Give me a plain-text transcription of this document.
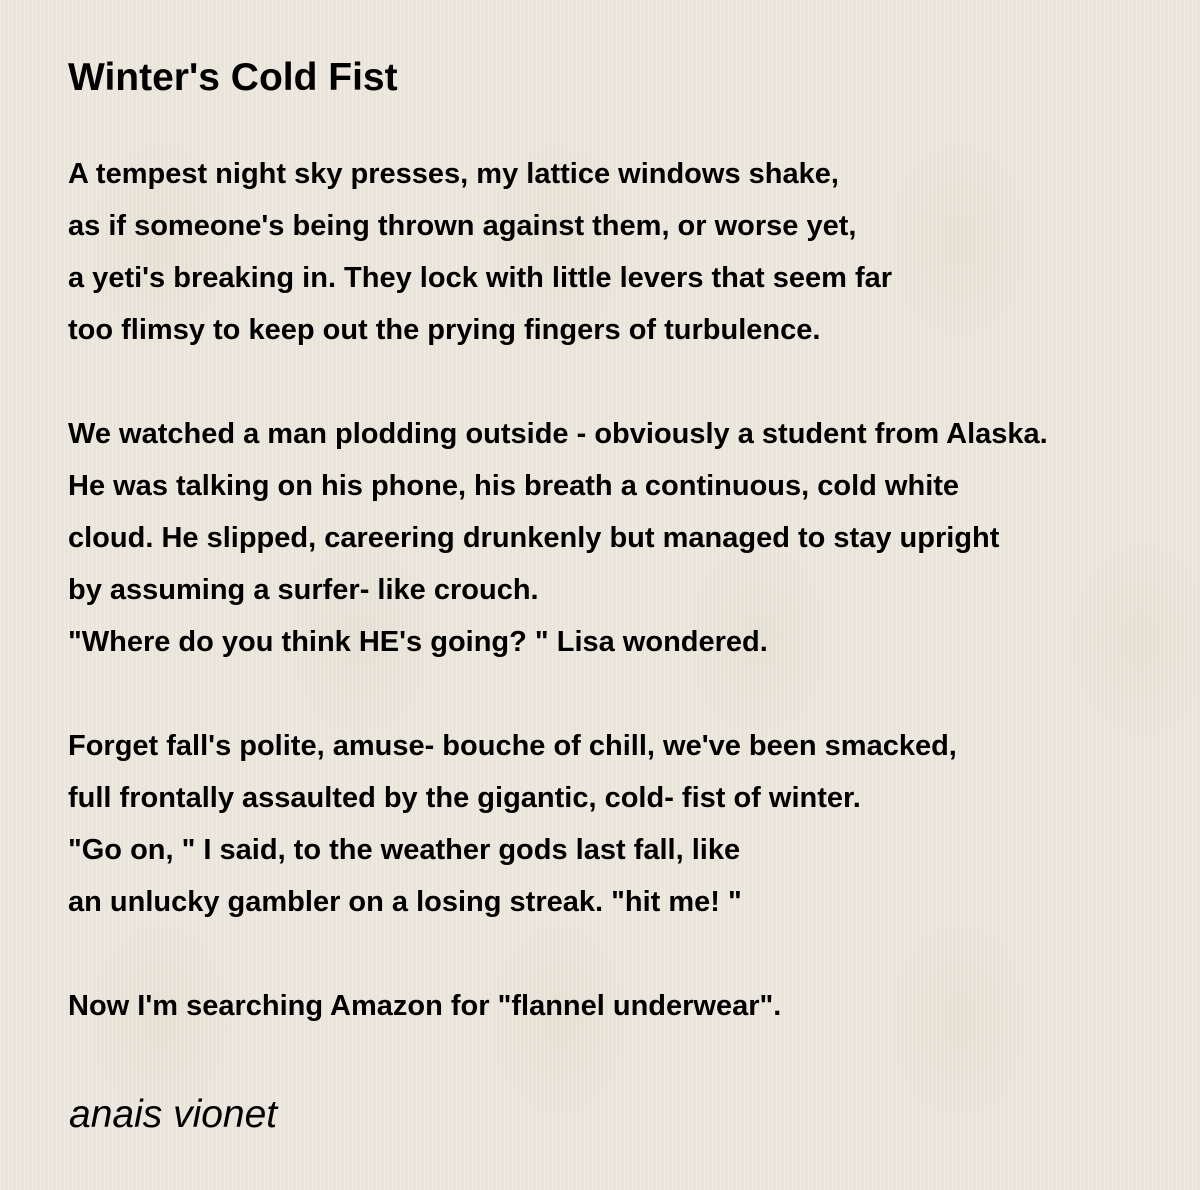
Winter's Cold Fist
A tempest night sky presses, my lattice windows shake,
as if someone's being thrown against them, or worse yet,
a yeti's breaking in. They lock with little levers that seem far
too flimsy to keep out the prying fingers of turbulence.
We watched a man plodding outside - obviously a student from Alaska.
He was talking on his phone, his breath a continuous, cold white
cloud. He slipped, careering drunkenly but managed to stay upright
by assuming a surfer- like crouch.
"Where do you think HE's going? " Lisa wondered.
Forget fall's polite, amuse- bouche of chill, we've been smacked,
full frontally assaulted by the gigantic, cold- fist of winter.
"Go on, " I said, to the weather gods last fall, like
an unlucky gambler on a losing streak. "hit me! "
Now I'm searching Amazon for "flannel underwear".
anais vionet
